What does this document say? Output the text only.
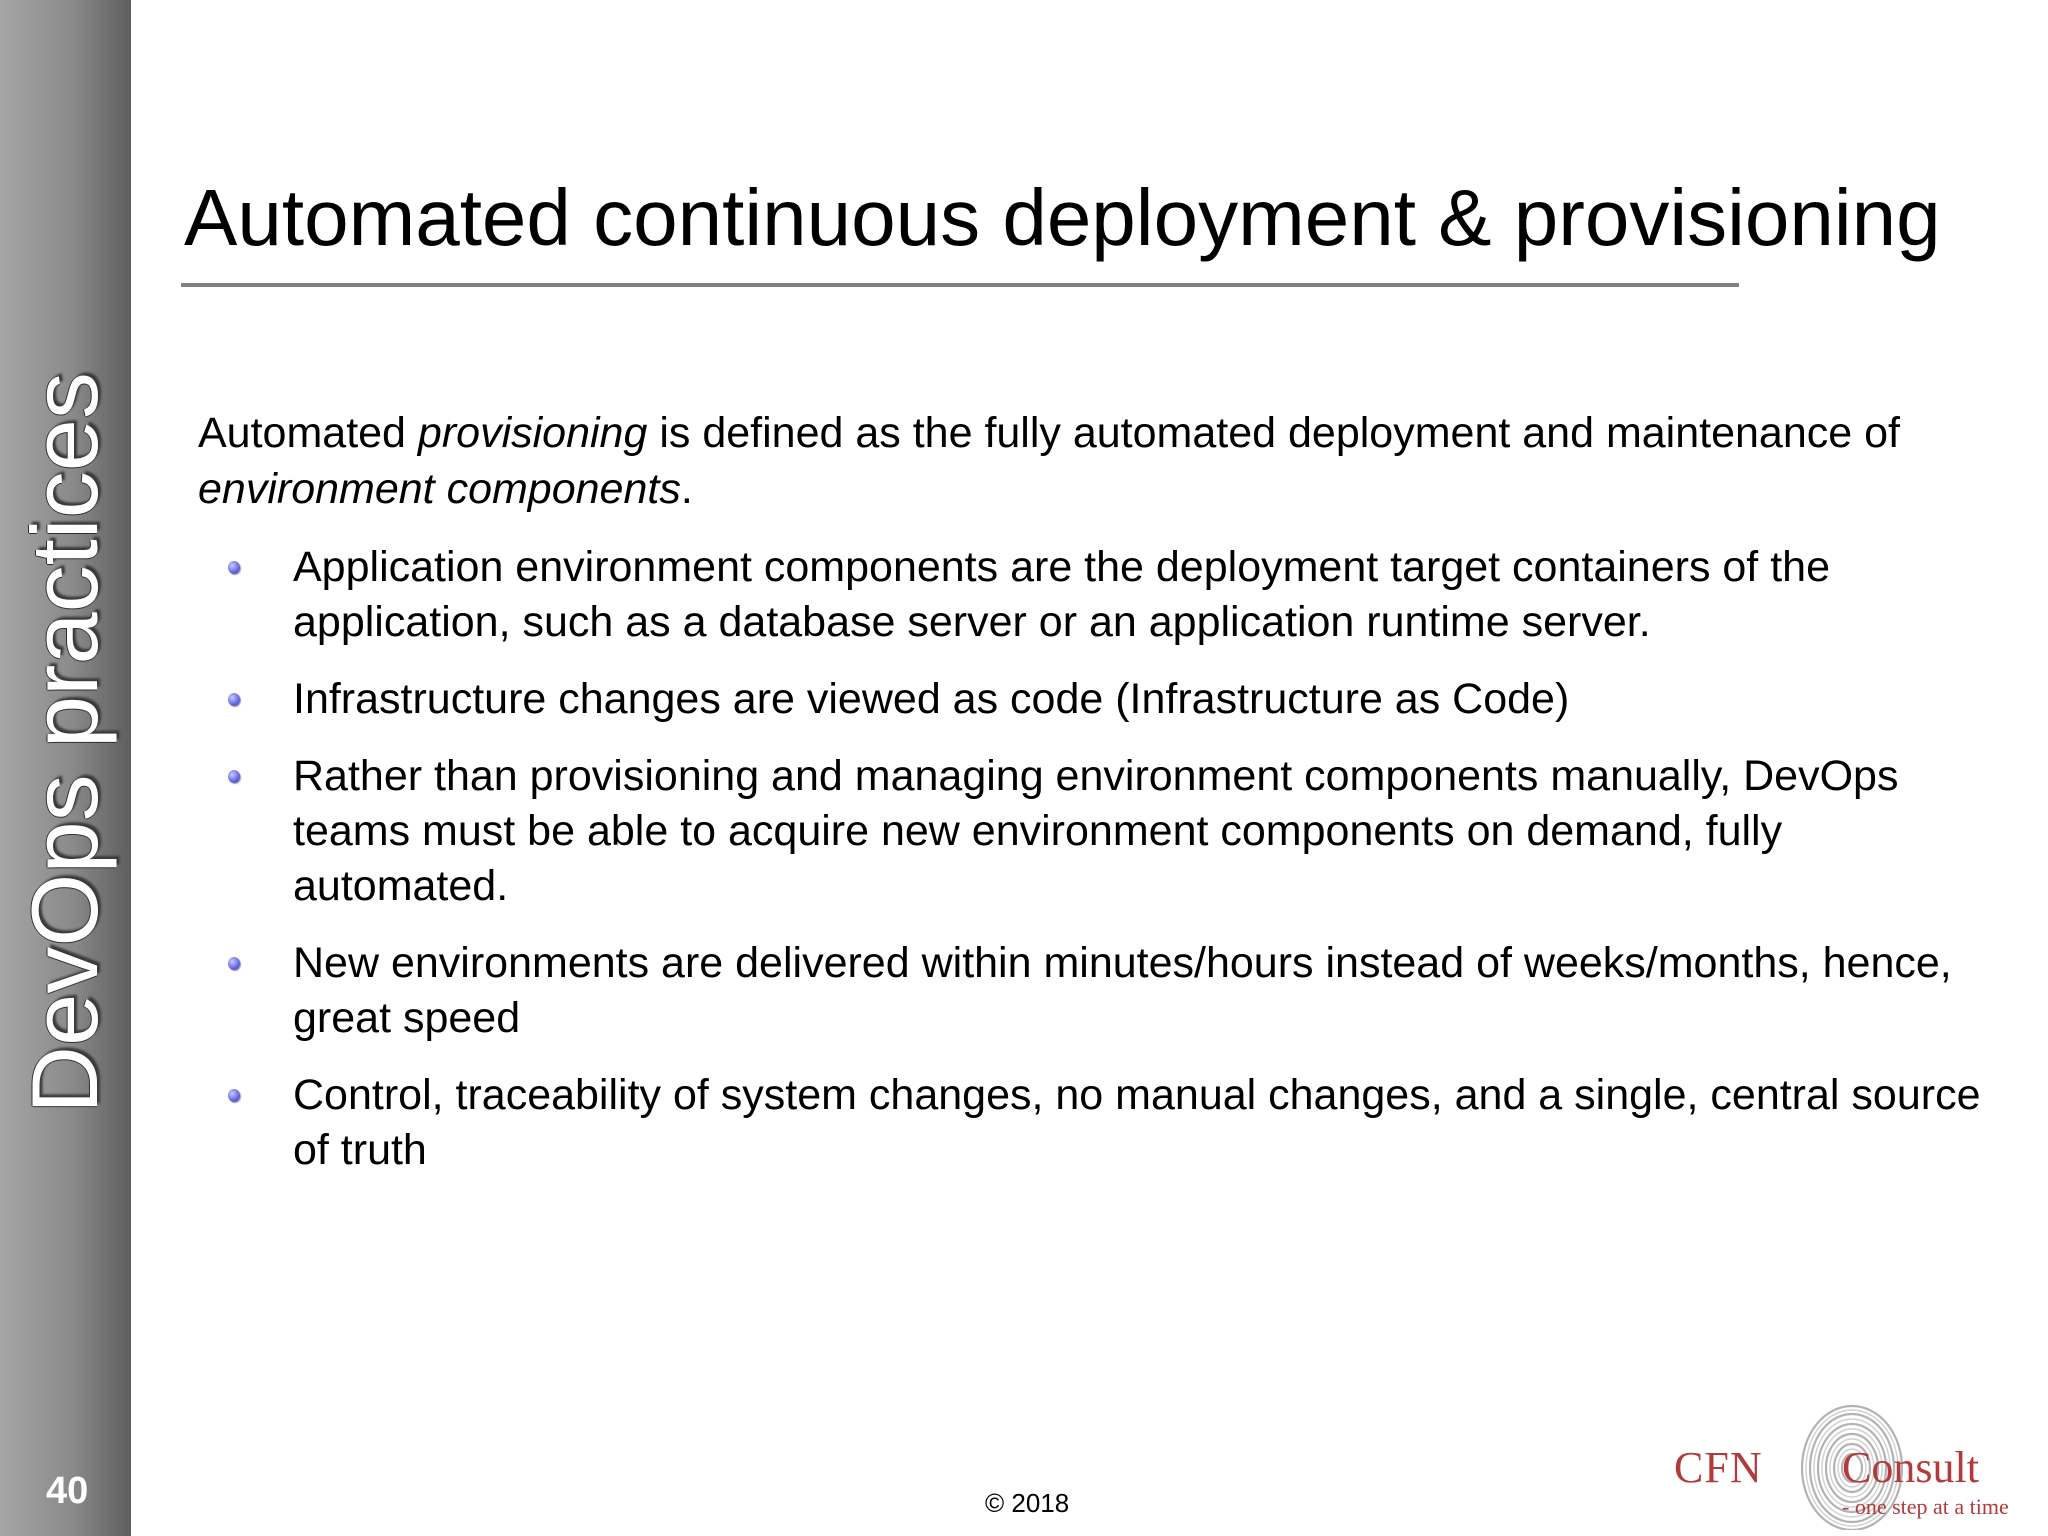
DevOps practices
40
Automated continuous deployment & provisioning
Automated provisioning is defined as the fully automated deployment and maintenance of environment components.
Application environment components are the deployment target containers of the application, such as a database server or an application runtime server.
Infrastructure changes are viewed as code (Infrastructure as Code)
Rather than provisioning and managing environment components manually, DevOps teams must be able to acquire new environment components on demand, fully automated.
New environments are delivered within minutes/hours instead of weeks/months, hence, great speed
Control, traceability of system changes, no manual changes, and a single, central source of truth
© 2018
CFN Consult
- one step at a time
